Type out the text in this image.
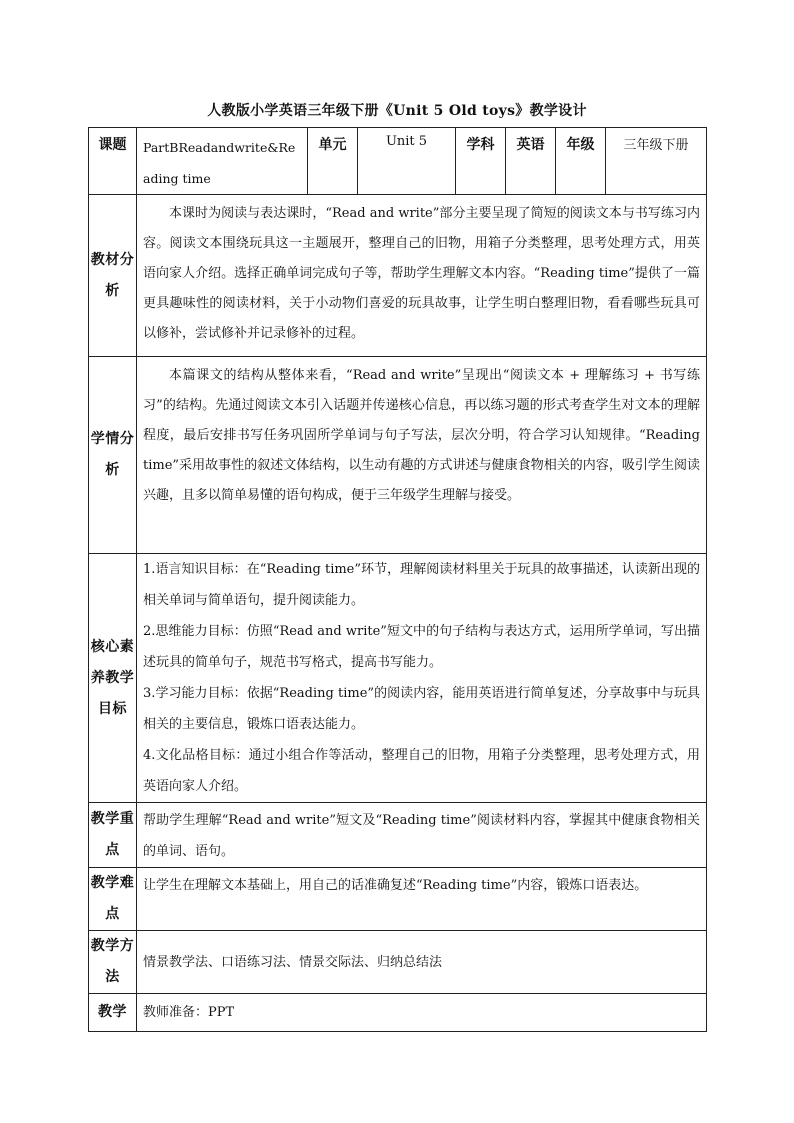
人教版小学英语三年级下册《Unit 5 Old toys》教学设计
课题	PartBReadandwrite&Reading time	单元	Unit 5	学科	英语	年级	三年级下册
教材分析	本课时为阅读与表达课时，“Read and write”部分主要呈现了简短的阅读文本与书写练习内容。阅读文本围绕玩具这一主题展开，整理自己的旧物，用箱子分类整理，思考处理方式，用英语向家人介绍。选择正确单词完成句子等，帮助学生理解文本内容。“Reading time”提供了一篇更具趣味性的阅读材料，关于小动物们喜爱的玩具故事，让学生明白整理旧物，看看哪些玩具可以修补，尝试修补并记录修补的过程。						

学情分析	本篇课文的结构从整体来看，“Read and write”呈现出“阅读文本 + 理解练习 + 书写练习”的结构。先通过阅读文本引入话题并传递核心信息，再以练习题的形式考查学生对文本的理解程度，最后安排书写任务巩固所学单词与句子写法，层次分明，符合学习认知规律。“Reading time”采用故事性的叙述文体结构，以生动有趣的方式讲述与健康食物相关的内容，吸引学生阅读兴趣，且多以简单易懂的语句构成，便于三年级学生理解与接受。						

核心素养教学目标	1.语言知识目标：在“Reading time”环节，理解阅读材料里关于玩具的故事描述，认读新出现的相关单词与简单语句，提升阅读能力。
2.思维能力目标：仿照“Read and write”短文中的句子结构与表达方式，运用所学单词，写出描述玩具的简单句子，规范书写格式，提高书写能力。
3.学习能力目标：依据“Reading time”的阅读内容，能用英语进行简单复述，分享故事中与玩具相关的主要信息，锻炼口语表达能力。
4.文化品格目标：通过小组合作等活动，整理自己的旧物，用箱子分类整理，思考处理方式，用英语向家人介绍。						

教学重点	帮助学生理解“Read and write”短文及“Reading time”阅读材料内容，掌握其中健康食物相关的单词、语句。						

教学难点	让学生在理解文本基础上，用自己的话准确复述“Reading time”内容，锻炼口语表达。						

教学方法	情景教学法、口语练习法、情景交际法、归纳总结法						

教学	教师准备：PPT						
